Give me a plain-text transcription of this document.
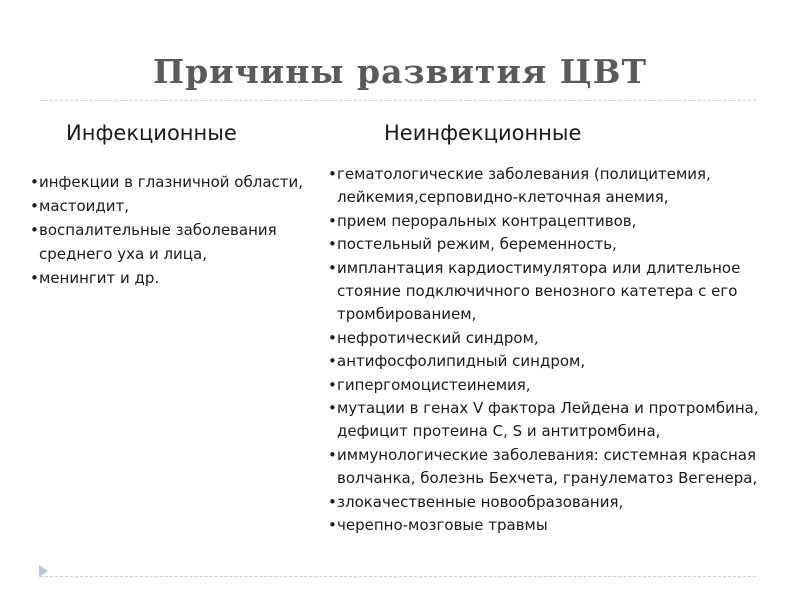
Причины развития ЦВТ
Инфекционные	Неинфекционные
• инфекции в глазничной области,
• мастоидит,
• воспалительные заболевания среднего уха и лица,
• менингит и др.
• гематологические заболевания (полицитемия, лейкемия,серповидно-клеточная анемия,
• прием пероральных контрацептивов,
• постельный режим, беременность,
• имплантация кардиостимулятора или длительное стояние подключичного венозного катетера с его тромбированием,
• нефротический синдром,
• антифосфолипидный синдром,
• гипергомоцистеинемия,
• мутации в генах V фактора Лейдена и протромбина, дефицит протеина С, S и антитромбина,
• иммунологические заболевания: системная красная волчанка, болезнь Бехчета, гранулематоз Вегенера,
• злокачественные новообразования,
• черепно-мозговые травмы
